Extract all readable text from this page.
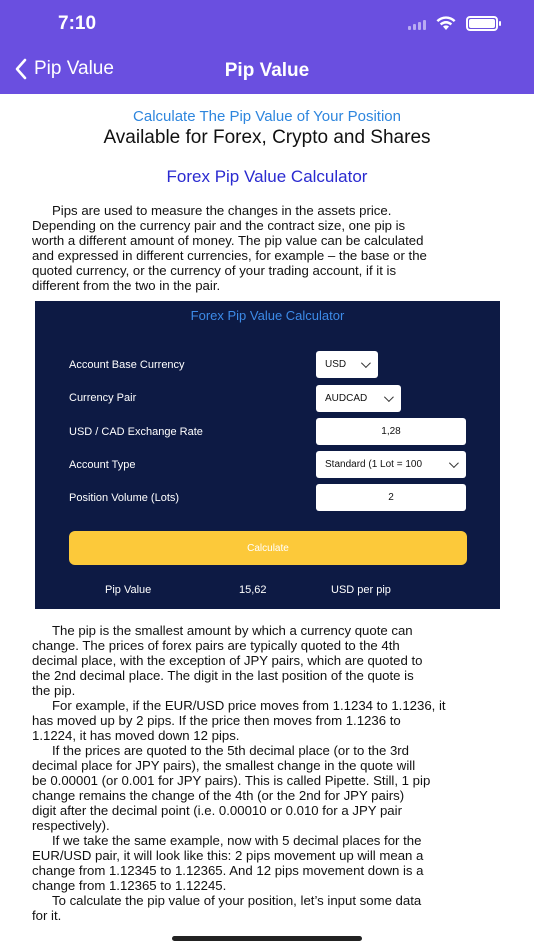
7:10
Pip Value	Pip Value
Calculate The Pip Value of Your Position
Available for Forex, Crypto and Shares
Forex Pip Value Calculator
Pips are used to measure the changes in the assets price.
Depending on the currency pair and the contract size, one pip is
worth a different amount of money. The pip value can be calculated
and expressed in different currencies, for example – the base or the
quoted currency, or the currency of your trading account, if it is
different from the two in the pair.
Forex Pip Value Calculator
Account Base Currency	USD
Currency Pair	AUDCAD
USD / CAD Exchange Rate	1,28
Account Type	Standard (1 Lot = 100
Position Volume (Lots)	2
Calculate
Pip Value	15,62	USD per pip
The pip is the smallest amount by which a currency quote can
change. The prices of forex pairs are typically quoted to the 4th
decimal place, with the exception of JPY pairs, which are quoted to
the 2nd decimal place. The digit in the last position of the quote is
the pip.
For example, if the EUR/USD price moves from 1.1234 to 1.1236, it
has moved up by 2 pips. If the price then moves from 1.1236 to
1.1224, it has moved down 12 pips.
If the prices are quoted to the 5th decimal place (or to the 3rd
decimal place for JPY pairs), the smallest change in the quote will
be 0.00001 (or 0.001 for JPY pairs). This is called Pipette. Still, 1 pip
change remains the change of the 4th (or the 2nd for JPY pairs)
digit after the decimal point (i.e. 0.00010 or 0.010 for a JPY pair
respectively).
If we take the same example, now with 5 decimal places for the
EUR/USD pair, it will look like this: 2 pips movement up will mean a
change from 1.12345 to 1.12365. And 12 pips movement down is a
change from 1.12365 to 1.12245.
To calculate the pip value of your position, let’s input some data
for it.
